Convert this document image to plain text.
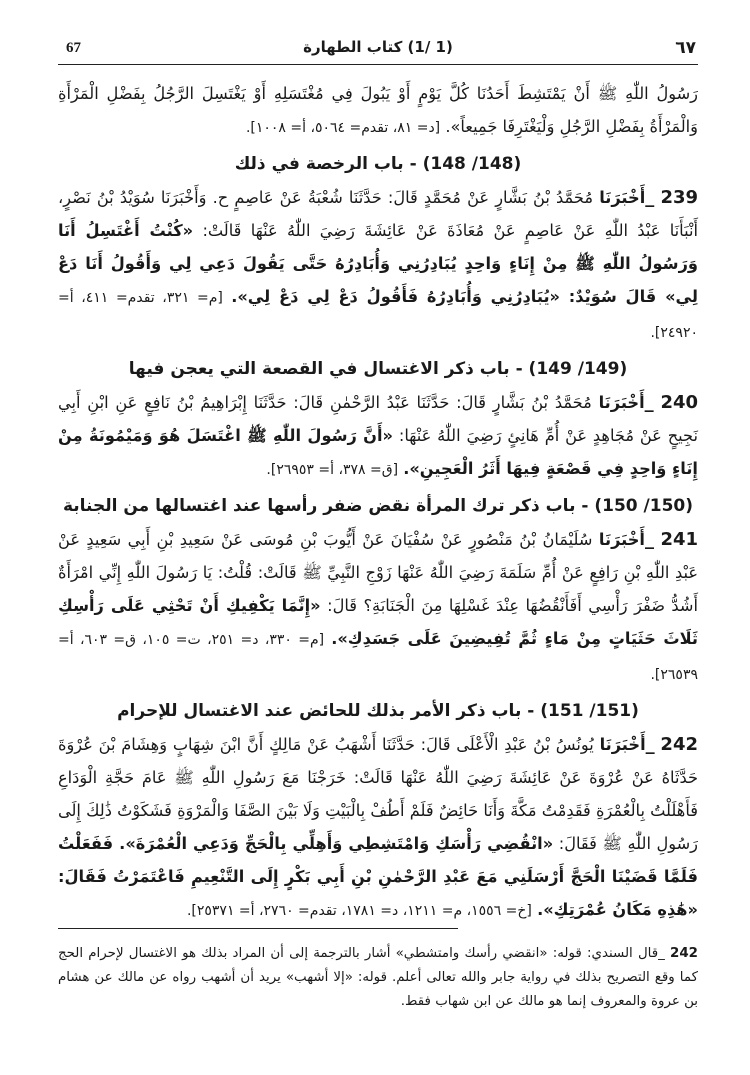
67	(1 /1) كتاب الطهارة	٦٧

رَسُولُ اللّٰهِ ﷺ أَنْ يَمْتَشِطَ أَحَدُنَا كُلَّ يَوْمٍ أَوْ يَبُولَ فِي مُغْتَسَلِهِ أَوْ يَغْتَسِلَ الرَّجُلُ بِفَضْلِ الْمَرْأَةِ وَالْمَرْأَةُ بِفَضْلِ الرَّجُلِ وَلْيَغْتَرِفَا جَمِيعاً». [د= ٨١، تقدم= ٥٠٦٤، أ= ١٠٠٨].

(148/ 148) - باب الرخصة في ذلك

239 _أَخْبَرَنَا مُحَمَّدُ بْنُ بَشَّارٍ عَنْ مُحَمَّدٍ قَالَ: حَدَّثَنَا شُعْبَةُ عَنْ عَاصِمٍ ح. وَأَخْبَرَنَا سُوَيْدُ بْنُ نَصْرٍ، أَنْبَأَنَا عَبْدُ اللّٰهِ عَنْ عَاصِمٍ عَنْ مُعَاذَةَ عَنْ عَائِشَةَ رَضِيَ اللّٰهُ عَنْهَا قَالَتْ: «كُنْتُ أَغْتَسِلُ أَنَا وَرَسُولُ اللّٰهِ ﷺ مِنْ إِنَاءٍ وَاحِدٍ يُبَادِرُنِي وَأُبَادِرُهُ حَتَّى يَقُولَ دَعِي لِي وَأَقُولُ أَنَا دَعْ لِي» قَالَ سُوَيْدٌ: «يُبَادِرُنِي وَأُبَادِرُهُ فَأَقُولُ دَعْ لِي دَعْ لِي». [م= ٣٢١، تقدم= ٤١١، أ= ٢٤٩٢٠].

(149/ 149) - باب ذكر الاغتسال في القصعة التي يعجن فيها

240 _أَخْبَرَنَا مُحَمَّدُ بْنُ بَشَّارٍ قَالَ: حَدَّثَنَا عَبْدُ الرَّحْمٰنِ قَالَ: حَدَّثَنَا إِبْرَاهِيمُ بْنُ نَافِعٍ عَنِ ابْنِ أَبِي نَجِيحٍ عَنْ مُجَاهِدٍ عَنْ أُمِّ هَانِئٍ رَضِيَ اللّٰهُ عَنْهَا: «أَنَّ رَسُولَ اللّٰهِ ﷺ اغْتَسَلَ هُوَ وَمَيْمُونَةُ مِنْ إِنَاءٍ وَاحِدٍ فِي قَصْعَةٍ فِيهَا أَثَرُ الْعَجِينِ». [ق= ٣٧٨، أ= ٢٦٩٥٣].

(150/ 150) - باب ذكر ترك المرأة نقض ضفر رأسها عند اغتسالها من الجنابة

241 _أَخْبَرَنَا سُلَيْمَانُ بْنُ مَنْصُورٍ عَنْ سُفْيَانَ عَنْ أَيُّوبَ بْنِ مُوسَى عَنْ سَعِيدِ بْنِ أَبِي سَعِيدٍ عَنْ عَبْدِ اللّٰهِ بْنِ رَافِعٍ عَنْ أُمِّ سَلَمَةَ رَضِيَ اللّٰهُ عَنْهَا زَوْجِ النَّبِيِّ ﷺ قَالَتْ: قُلْتُ: يَا رَسُولَ اللّٰهِ إِنِّي امْرَأَةٌ أَشُدُّ ضَفْرَ رَأْسِي أَفَأَنْقُضُهَا عِنْدَ غَسْلِهَا مِنَ الْجَنَابَةِ؟ قَالَ: «إِنَّمَا يَكْفِيكِ أَنْ تَحْثِي عَلَى رَأْسِكِ ثَلَاثَ حَثَيَاتٍ مِنْ مَاءٍ ثُمَّ تُفِيضِينَ عَلَى جَسَدِكِ». [م= ٣٣٠، د= ٢٥١، ت= ١٠٥، ق= ٦٠٣، أ= ٢٦٥٣٩].

(151/ 151) - باب ذكر الأمر بذلك للحائض عند الاغتسال للإحرام

242 _أَخْبَرَنَا يُونُسُ بْنُ عَبْدِ الْأَعْلَى قَالَ: حَدَّثَنَا أَشْهَبُ عَنْ مَالِكٍ أَنَّ ابْنَ شِهَابٍ وَهِشَامَ بْنَ عُرْوَةَ حَدَّثَاهُ عَنْ عُرْوَةَ عَنْ عَائِشَةَ رَضِيَ اللّٰهُ عَنْهَا قَالَتْ: خَرَجْنَا مَعَ رَسُولِ اللّٰهِ ﷺ عَامَ حَجَّةِ الْوَدَاعِ فَأَهْلَلْتُ بِالْعُمْرَةِ فَقَدِمْتُ مَكَّةَ وَأَنَا حَائِضٌ فَلَمْ أَطُفْ بِالْبَيْتِ وَلَا بَيْنَ الصَّفَا وَالْمَرْوَةِ فَشَكَوْتُ ذَٰلِكَ إِلَى رَسُولِ اللّٰهِ ﷺ فَقَالَ: «انْقُضِي رَأْسَكِ وَامْتَشِطِي وَأَهِلِّي بِالْحَجِّ وَدَعِي الْعُمْرَةَ». فَفَعَلْتُ فَلَمَّا قَضَيْنَا الْحَجَّ أَرْسَلَنِي مَعَ عَبْدِ الرَّحْمٰنِ بْنِ أَبِي بَكْرٍ إِلَى التَّنْعِيمِ فَاعْتَمَرْتُ فَقَالَ: «هَٰذِهِ مَكَانُ عُمْرَتِكِ». [خ= ١٥٥٦، م= ١٢١١، د= ١٧٨١، تقدم= ٢٧٦٠، أ= ٢٥٣٧١].

242 _قال السندي: قوله: «انقضي رأسك وامتشطي» أشار بالترجمة إلى أن المراد بذلك هو الاغتسال لإحرام الحج كما وقع التصريح بذلك في رواية جابر والله تعالى أعلم. قوله: «إلا أشهب» يريد أن أشهب رواه عن مالك عن هشام بن عروة والمعروف إنما هو مالك عن ابن شهاب فقط.
